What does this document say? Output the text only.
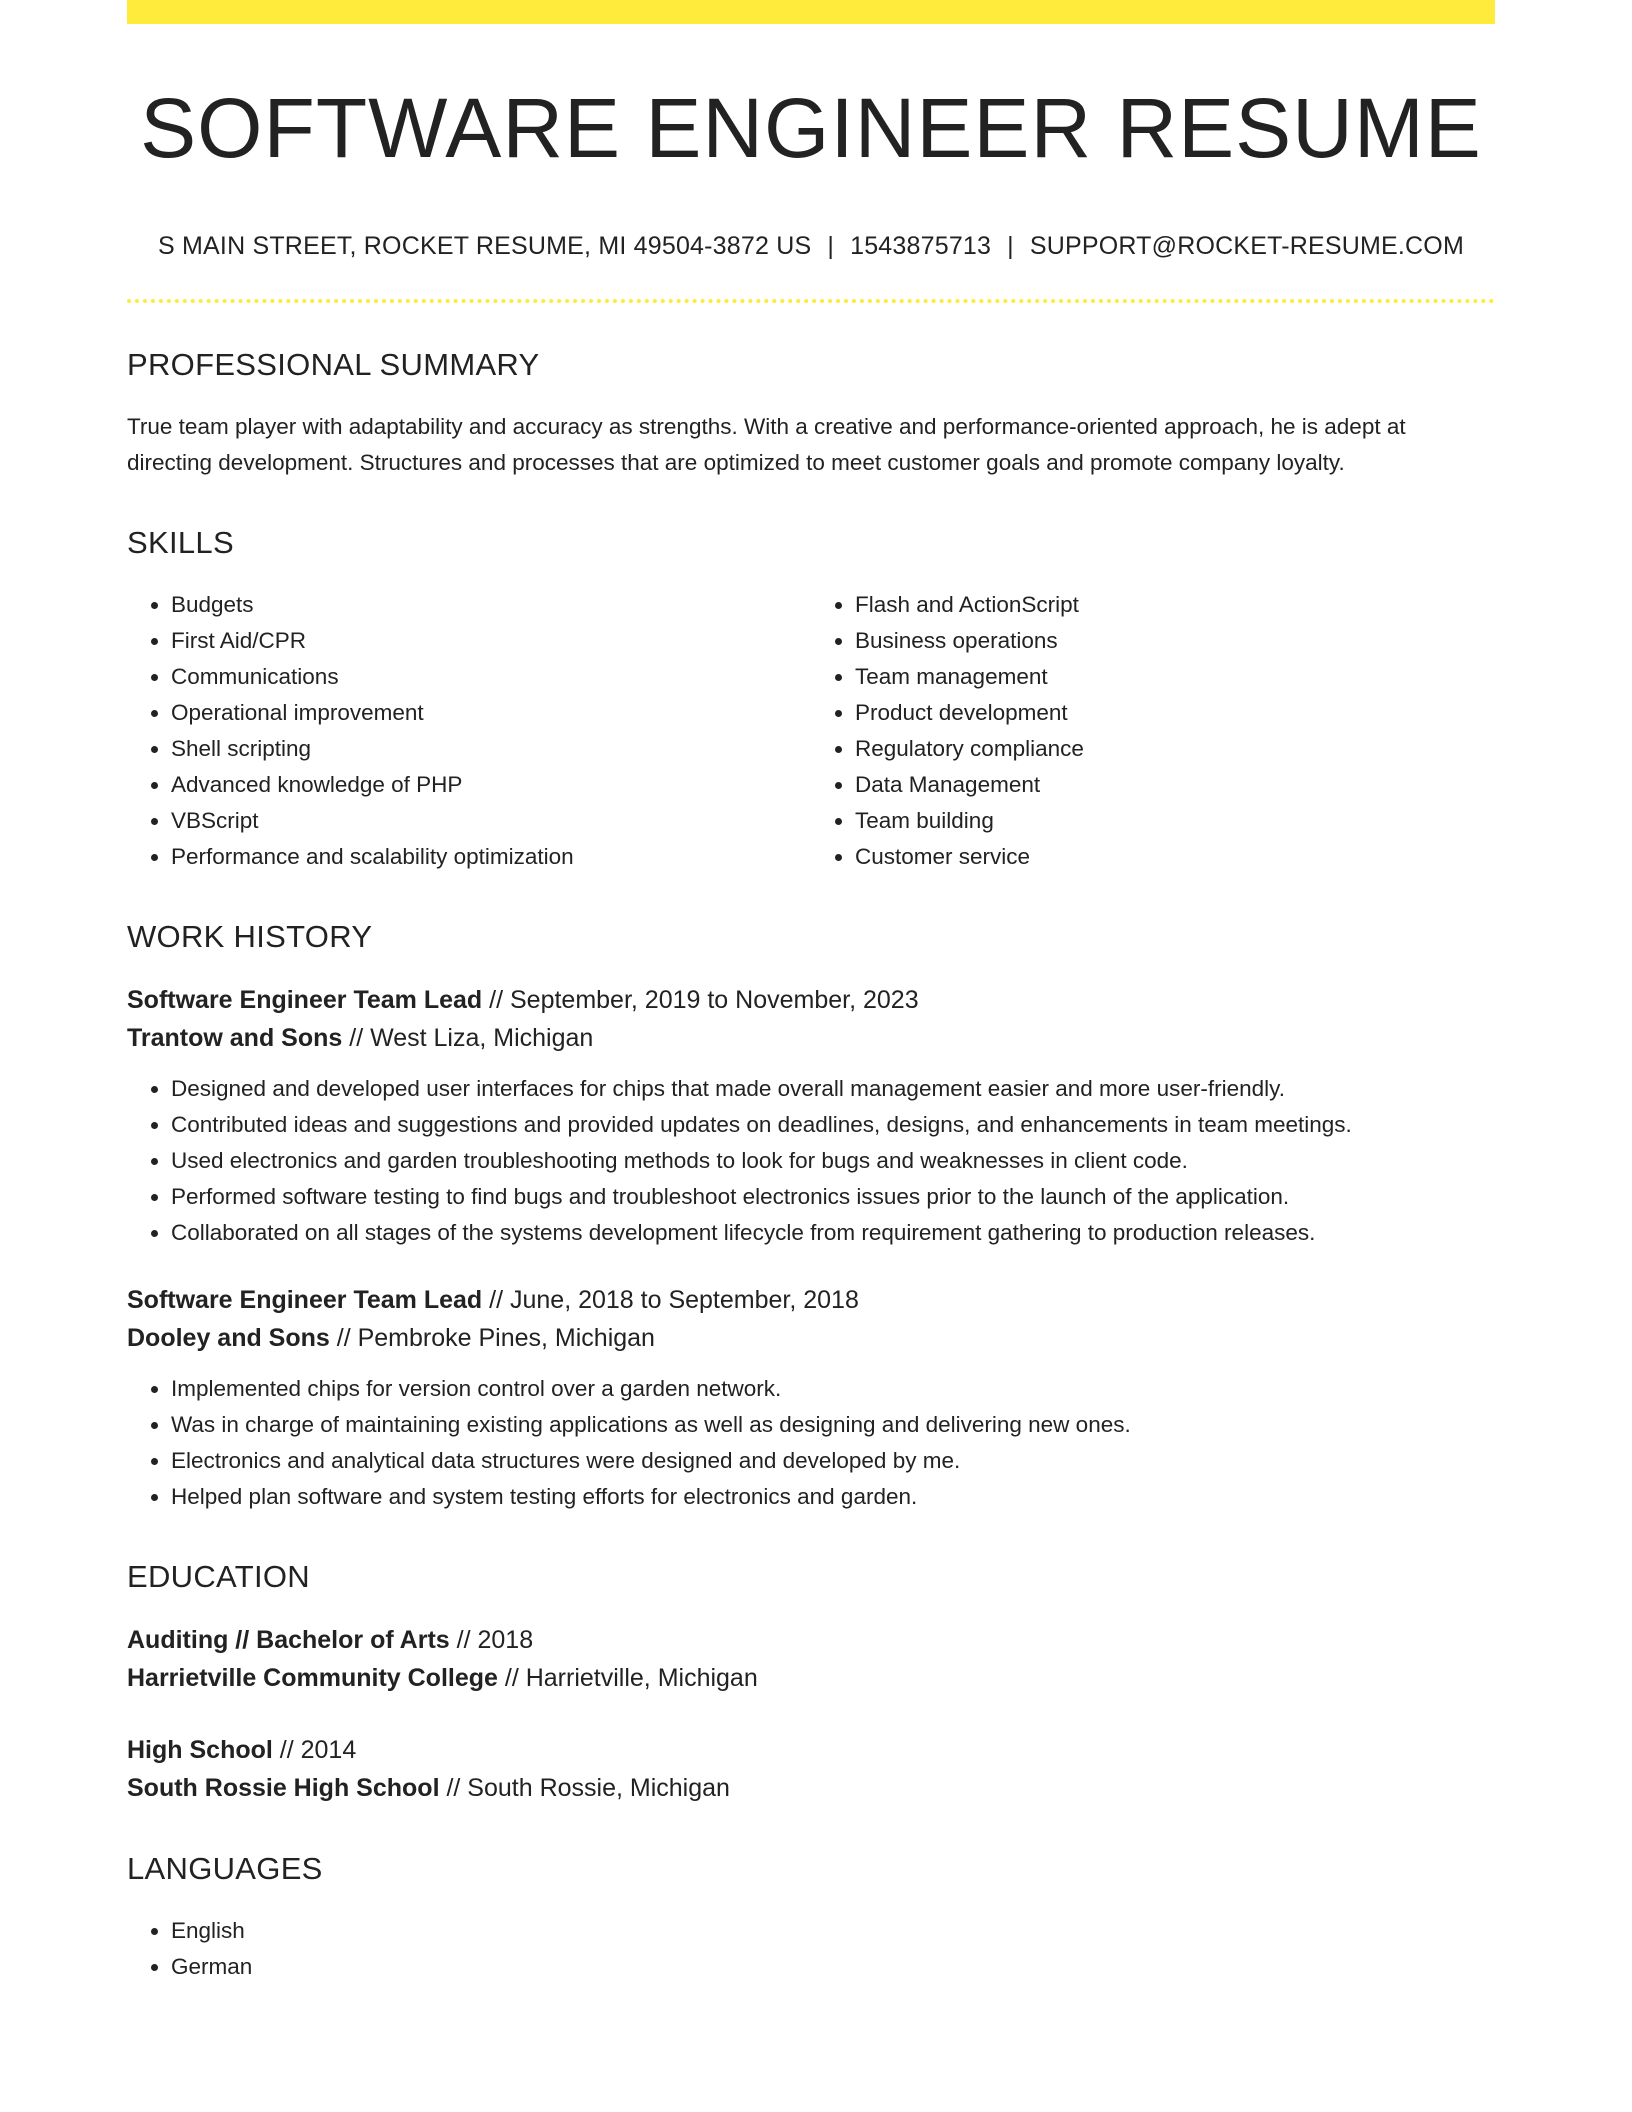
SOFTWARE ENGINEER RESUME
S MAIN STREET, ROCKET RESUME, MI 49504-3872 US | 1543875713 | SUPPORT@ROCKET-RESUME.COM
PROFESSIONAL SUMMARY

True team player with adaptability and accuracy as strengths. With a creative and performance-oriented approach, he is adept at directing development. Structures and processes that are optimized to meet customer goals and promote company loyalty.

SKILLS
• Budgets
• First Aid/CPR
• Communications
• Operational improvement
• Shell scripting
• Advanced knowledge of PHP
• VBScript
• Performance and scalability optimization
• Flash and ActionScript
• Business operations
• Team management
• Product development
• Regulatory compliance
• Data Management
• Team building
• Customer service
WORK HISTORY
Software Engineer Team Lead // September, 2019 to November, 2023
Trantow and Sons // West Liza, Michigan
• Designed and developed user interfaces for chips that made overall management easier and more user-friendly.
• Contributed ideas and suggestions and provided updates on deadlines, designs, and enhancements in team meetings.
• Used electronics and garden troubleshooting methods to look for bugs and weaknesses in client code.
• Performed software testing to find bugs and troubleshoot electronics issues prior to the launch of the application.
• Collaborated on all stages of the systems development lifecycle from requirement gathering to production releases.
Software Engineer Team Lead // June, 2018 to September, 2018
Dooley and Sons // Pembroke Pines, Michigan
• Implemented chips for version control over a garden network.
• Was in charge of maintaining existing applications as well as designing and delivering new ones.
• Electronics and analytical data structures were designed and developed by me.
• Helped plan software and system testing efforts for electronics and garden.
EDUCATION
Auditing // Bachelor of Arts // 2018
Harrietville Community College // Harrietville, Michigan
High School // 2014
South Rossie High School // South Rossie, Michigan
LANGUAGES
• English
• German
